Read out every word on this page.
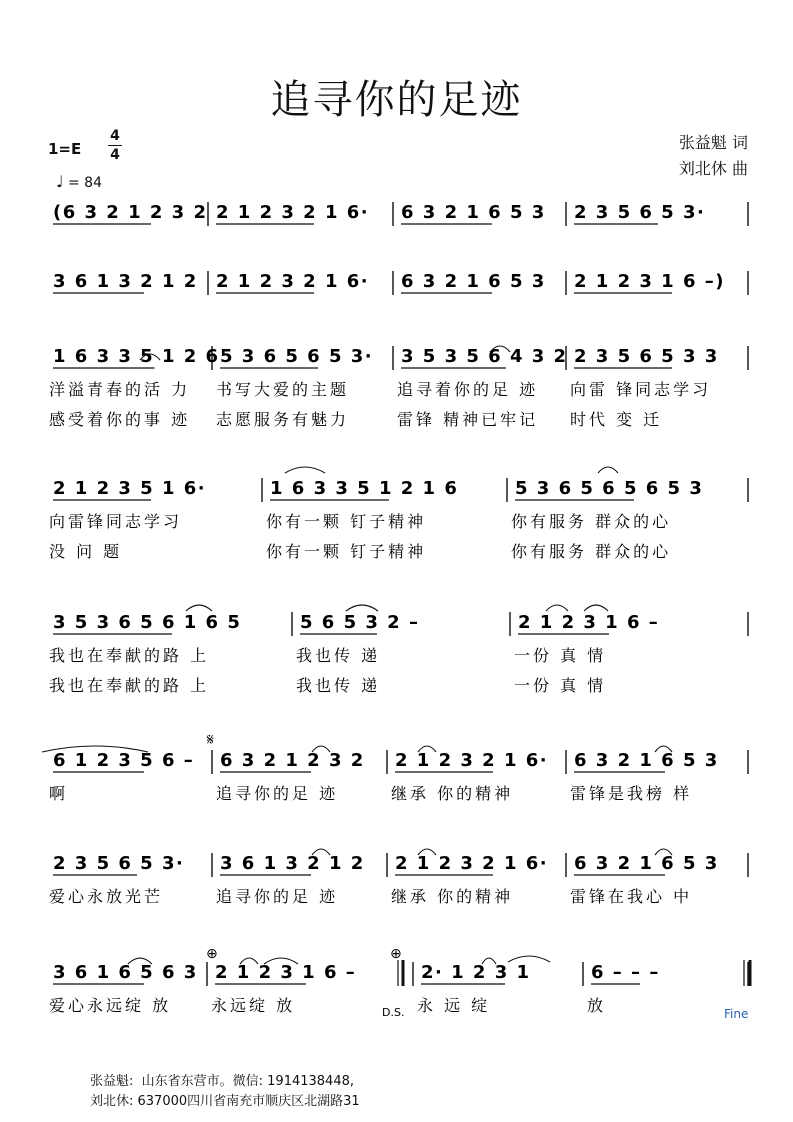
追寻你的足迹
1=E
4
4
♩ = 84
张益魁 词
刘北休 曲
(6 3 2 1 2 3 2 2 1 2 3 2 1 6· 6 3 2 1 6 5 3 2 3 5 6 5 3·
3 6 1 3 2 1 2 2 1 2 3 2 1 6· 6 3 2 1 6 5 3 2 1 2 3 1 6 –)
1 6 3 3 5 1 2 6 5 3 6 5 6 5 3· 3 5 3 5 6 4 3 2 2 3 5 6 5 3 3
洋溢青春的活 力 书写大爱的主题	追寻着你的足 迹 向雷 锋同志学习
感受着你的事 迹 志愿服务有魅力	雷锋 精神已牢记 时代 变 迁
2 1 2 3 5 1 6·	1 6 3 3 5 1 2 1 6	5 3 6 5 6 5 6 5 3
向雷锋同志学习	你有一颗 钉子精神	你有服务 群众的心
没 问 题	你有一颗 钉子精神	你有服务 群众的心
3 5 3 6 5 6 1 6 5	5 6 5 3 2 –	2 1 2 3 1 6 –
我也在奉献的路 上	我也传 递	一份 真 情
我也在奉献的路 上	我也传 递	一份 真 情
6 1 2 3 5 6 – 6 3 2 1 2 3 2 2 1 2 3 2 1 6· 6 3 2 1 6 5 3
啊	追寻你的足 迹	继承 你的精神	雷锋是我榜 样
2 3 5 6 5 3· 3 6 1 3 2 1 2 2 1 2 3 2 1 6· 6 3 2 1 6 5 3
爱心永放光芒	追寻你的足 迹	继承 你的精神	雷锋在我心 中
3 6 1 6 5 6 3 2 1 2 3 1 6 –	2· 1 2 3 1	6 – – –
爱心永远绽 放 永远绽 放	永 远 绽	放
⊕	⊕
𝄋
D.S.	Fine
张益魁:  山东省东营市。微信: 1914138448,
刘北休: 637000四川省南充市顺庆区北湖路31
